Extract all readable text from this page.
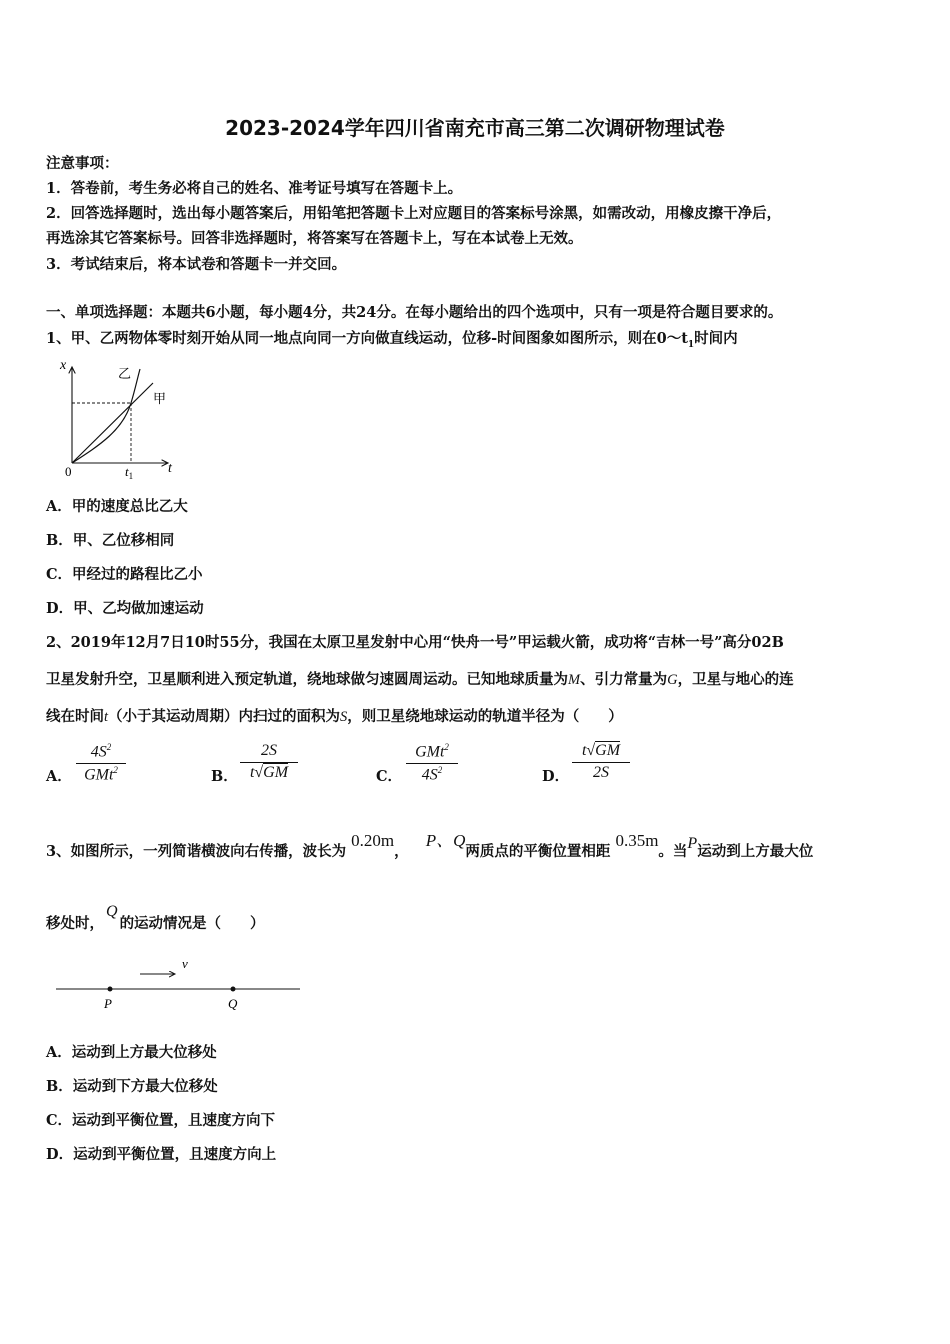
2023-2024学年四川省南充市高三第二次调研物理试卷
注意事项：
1．答卷前，考生务必将自己的姓名、准考证号填写在答题卡上。
2．回答选择题时，选出每小题答案后，用铅笔把答题卡上对应题目的答案标号涂黑，如需改动，用橡皮擦干净后，
再选涂其它答案标号。回答非选择题时，将答案写在答题卡上，写在本试卷上无效。
3．考试结束后，将本试卷和答题卡一并交回。
一、单项选择题：本题共6小题，每小题4分，共24分。在每小题给出的四个选项中，只有一项是符合题目要求的。
1、甲、乙两物体零时刻开始从同一地点向同一方向做直线运动，位移-时间图象如图所示，则在$0\sim t_1$时间内
x
t
0	$t_1$
乙
甲
A．甲的速度总比乙大
B．甲、乙位移相同
C．甲经过的路程比乙小
D．甲、乙均做加速运动
2、2019年12月7日10时55分，我国在太原卫星发射中心用“快舟一号”甲运载火箭，成功将“吉林一号”高分02B
卫星发射升空，卫星顺利进入预定轨道，绕地球做匀速圆周运动。已知地球质量为M、引力常量为G，卫星与地心的连
线在时间t（小于其运动周期）内扫过的面积为S，则卫星绕地球运动的轨道半径为（　　）
A．
$4S^2$
GMt$^2$	B．
2S
t√GM	C．
GMt$^2$
$4S^2$	D．
t√GM
2S
3、如图所示，一列简谐横波向右传播，波长为 0.20m， P、Q两质点的平衡位置相距 0.35m。当P运动到上方最大位
移处时，Q的运动情况是（　　）
v
P	Q
A．运动到上方最大位移处
B．运动到下方最大位移处
C．运动到平衡位置，且速度方向下
D．运动到平衡位置，且速度方向上
